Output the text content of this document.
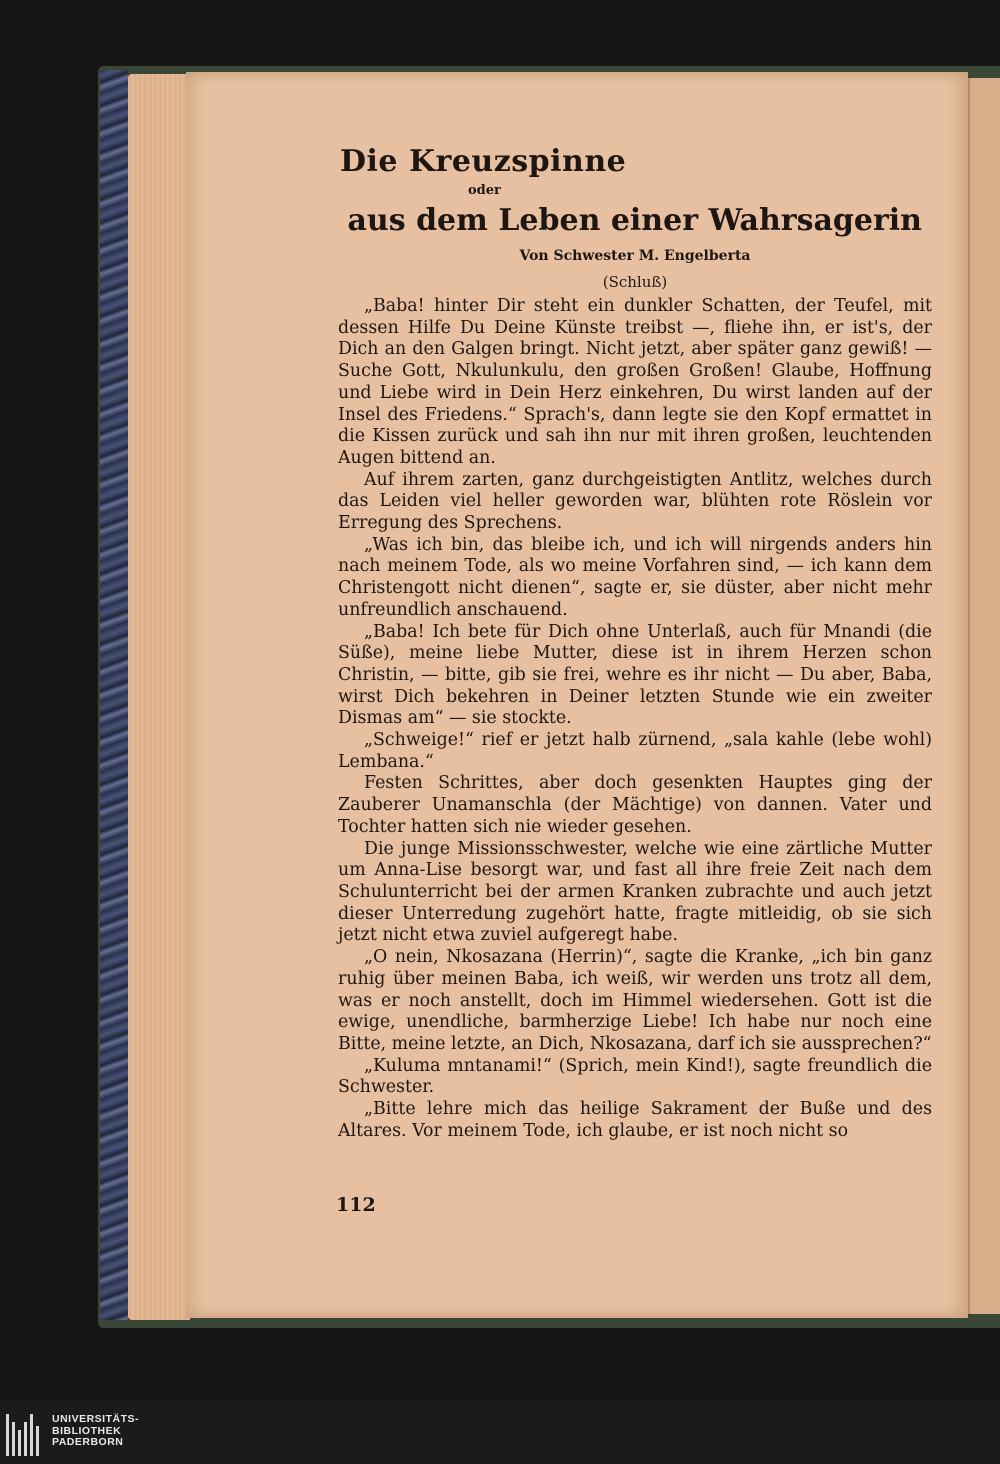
Die Kreuzspinne
oder
aus dem Leben einer Wahrsagerin
Von Schwester M. Engelberta
(Schluß)

„Baba! hinter Dir steht ein dunkler Schatten, der Teufel, mit dessen Hilfe Du Deine Künste treibst —, fliehe ihn, er ist's, der Dich an den Galgen bringt. Nicht jetzt, aber später ganz gewiß! — Suche Gott, Nkulunkulu, den großen Großen! Glaube, Hoffnung und Liebe wird in Dein Herz einkehren, Du wirst landen auf der Insel des Friedens.“ Sprach's, dann legte sie den Kopf ermattet in die Kissen zurück und sah ihn nur mit ihren großen, leuchtenden Augen bittend an.

Auf ihrem zarten, ganz durchgeistigten Antlitz, welches durch das Leiden viel heller geworden war, blühten rote Röslein vor Erregung des Sprechens.

„Was ich bin, das bleibe ich, und ich will nirgends anders hin nach meinem Tode, als wo meine Vorfahren sind, — ich kann dem Christengott nicht dienen“, sagte er, sie düster, aber nicht mehr unfreundlich anschauend.

„Baba! Ich bete für Dich ohne Unterlaß, auch für Mnandi (die Süße), meine liebe Mutter, diese ist in ihrem Herzen schon Christin, — bitte, gib sie frei, wehre es ihr nicht — Du aber, Baba, wirst Dich bekehren in Deiner letzten Stunde wie ein zweiter Dismas am“ — sie stockte.

„Schweige!“ rief er jetzt halb zürnend, „sala kahle (lebe wohl) Lembana.“

Festen Schrittes, aber doch gesenkten Hauptes ging der Zauberer Unamanschla (der Mächtige) von dannen. Vater und Tochter hatten sich nie wieder gesehen.

Die junge Missionsschwester, welche wie eine zärtliche Mutter um Anna-Lise besorgt war, und fast all ihre freie Zeit nach dem Schulunterricht bei der armen Kranken zubrachte und auch jetzt dieser Unterredung zugehört hatte, fragte mitleidig, ob sie sich jetzt nicht etwa zuviel aufgeregt habe.

„O nein, Nkosazana (Herrin)“, sagte die Kranke, „ich bin ganz ruhig über meinen Baba, ich weiß, wir werden uns trotz all dem, was er noch anstellt, doch im Himmel wiedersehen. Gott ist die ewige, unendliche, barmherzige Liebe! Ich habe nur noch eine Bitte, meine letzte, an Dich, Nkosazana, darf ich sie aussprechen?“

„Kuluma mntanami!“ (Sprich, mein Kind!), sagte freundlich die Schwester.

„Bitte lehre mich das heilige Sakrament der Buße und des Altares. Vor meinem Tode, ich glaube, er ist noch nicht so

112
UNIVERSITÄTS-
BIBLIOTHEK
PADERBORN
